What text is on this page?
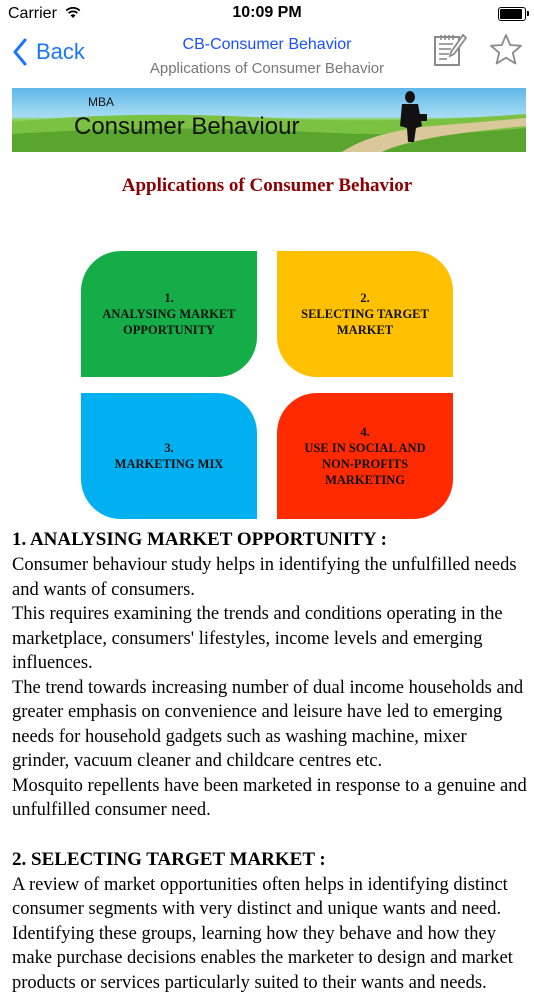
Carrier	10:09 PM
Back	CB-Consumer Behavior
Applications of Consumer Behavior
MBA
Consumer Behaviour
Applications of Consumer Behavior
1.
ANALYSING MARKET
OPPORTUNITY
2.
SELECTING TARGET
MARKET
3.
MARKETING MIX
4.
USE IN SOCIAL AND
NON-PROFITS
MARKETING
1. ANALYSING MARKET OPPORTUNITY :

Consumer behaviour study helps in identifying the unfulfilled needs and wants of consumers.

This requires examining the trends and conditions operating in the marketplace, consumers' lifestyles, income levels and emerging influences.

The trend towards increasing number of dual income households and greater emphasis on convenience and leisure have led to emerging needs for household gadgets such as washing machine, mixer grinder, vacuum cleaner and childcare centres etc.

Mosquito repellents have been marketed in response to a genuine and unfulfilled consumer need.

2. SELECTING TARGET MARKET :

A review of market opportunities often helps in identifying distinct consumer segments with very distinct and unique wants and need.

Identifying these groups, learning how they behave and how they make purchase decisions enables the marketer to design and market products or services particularly suited to their wants and needs.
